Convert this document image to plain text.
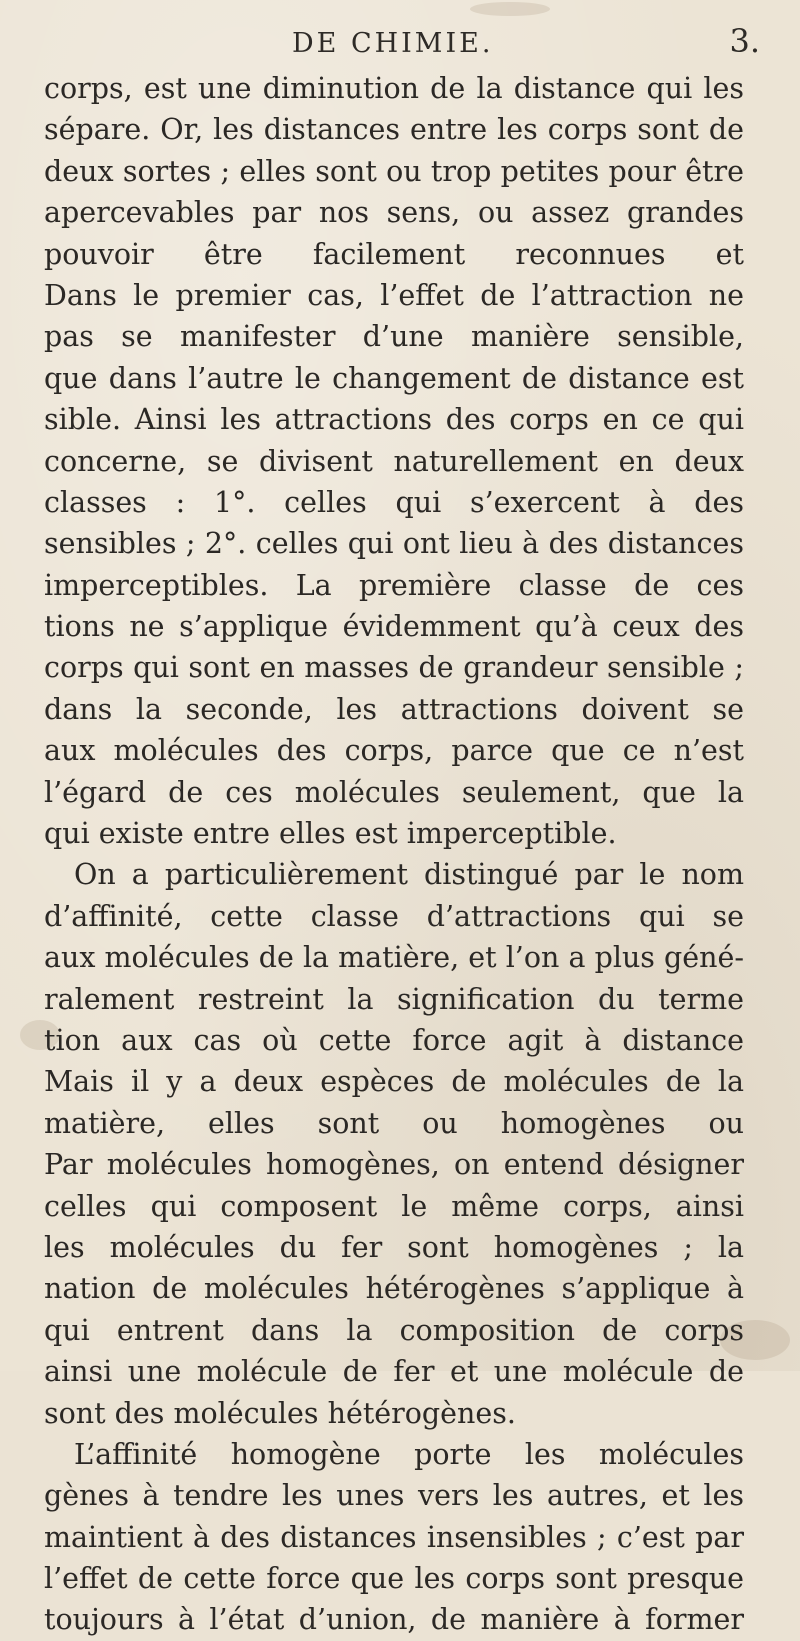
DE CHIMIE.	3.
corps, est une diminution de la distance qui les
sépare. Or, les distances entre les corps sont de
deux sortes ; elles sont ou trop petites pour être
apercevables par nos sens, ou assez grandes
pouvoir être facilement reconnues et
Dans le premier cas, l’effet de l’attraction ne
pas se manifester d’une manière sensible,
que dans l’autre le changement de distance est
sible. Ainsi les attractions des corps en ce qui
concerne, se divisent naturellement en deux
classes : 1°. celles qui s’exercent à des
sensibles ; 2°. celles qui ont lieu à des distances
imperceptibles. La première classe de ces
tions ne s’applique évidemment qu’à ceux des
corps qui sont en masses de grandeur sensible ;
dans la seconde, les attractions doivent se
aux molécules des corps, parce que ce n’est
l’égard de ces molécules seulement, que la
qui existe entre elles est imperceptible.
On a particulièrement distingué par le nom
d’affinité, cette classe d’attractions qui se
aux molécules de la matière, et l’on a plus géné-
ralement restreint la signification du terme
tion aux cas où cette force agit à distance
Mais il y a deux espèces de molécules de la
matière, elles sont ou homogènes ou
Par molécules homogènes, on entend désigner
celles qui composent le même corps, ainsi
les molécules du fer sont homogènes ; la
nation de molécules hétérogènes s’applique à
qui entrent dans la composition de corps
ainsi une molécule de fer et une molécule de
sont des molécules hétérogènes.
L’affinité homogène porte les molécules
gènes à tendre les unes vers les autres, et les
maintient à des distances insensibles ; c’est par
l’effet de cette force que les corps sont presque
toujours à l’état d’union, de manière à former
